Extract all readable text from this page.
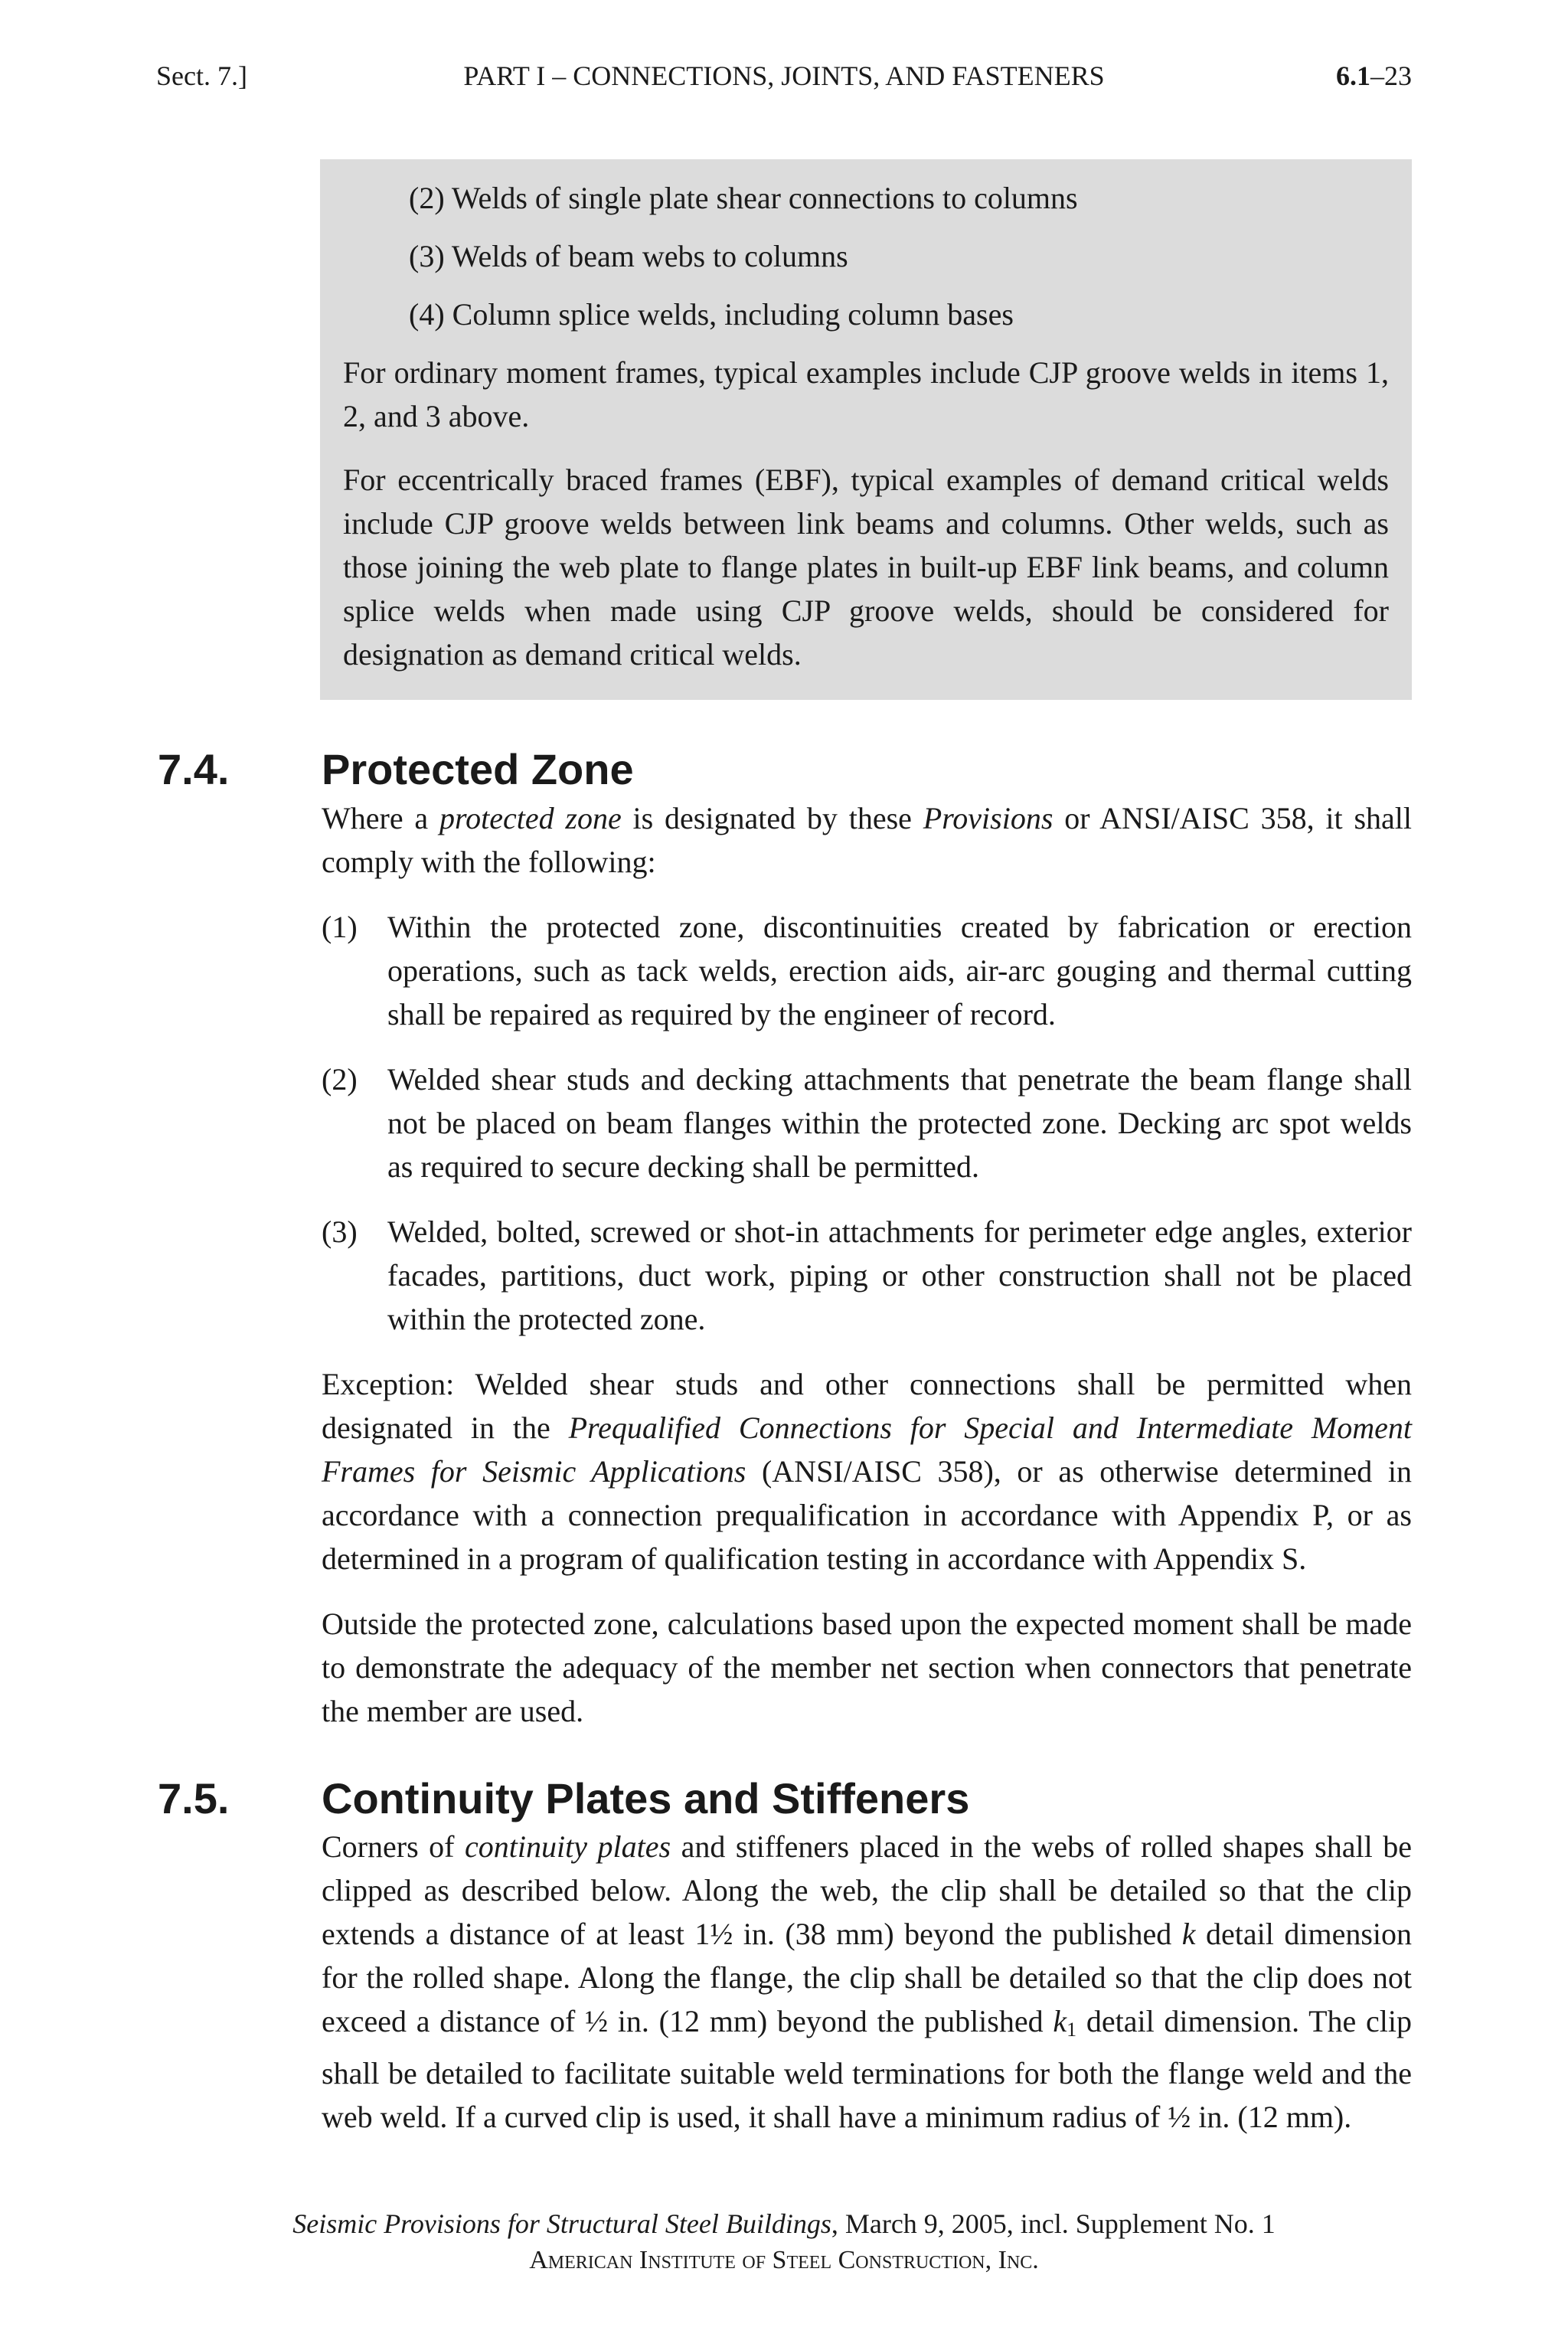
Sect. 7.]	PART I – CONNECTIONS, JOINTS, AND FASTENERS	6.1–23
(2) Welds of single plate shear connections to columns
(3) Welds of beam webs to columns
(4) Column splice welds, including column bases

For ordinary moment frames, typical examples include CJP groove welds in items 1, 2, and 3 above.

For eccentrically braced frames (EBF), typical examples of demand critical welds include CJP groove welds between link beams and columns. Other welds, such as those joining the web plate to flange plates in built-up EBF link beams, and column splice welds when made using CJP groove welds, should be considered for designation as demand critical welds.

7.4. Protected Zone

Where a protected zone is designated by these Provisions or ANSI/AISC 358, it shall comply with the following:

(1) Within the protected zone, discontinuities created by fabrication or erection operations, such as tack welds, erection aids, air-arc gouging and thermal cutting shall be repaired as required by the engineer of record.
(2) Welded shear studs and decking attachments that penetrate the beam flange shall not be placed on beam flanges within the protected zone. Decking arc spot welds as required to secure decking shall be permitted.
(3) Welded, bolted, screwed or shot-in attachments for perimeter edge angles, exterior facades, partitions, duct work, piping or other construction shall not be placed within the protected zone.

Exception: Welded shear studs and other connections shall be permitted when designated in the Prequalified Connections for Special and Intermediate Moment Frames for Seismic Applications (ANSI/AISC 358), or as otherwise determined in accordance with a connection prequalification in accordance with Appendix P, or as determined in a program of qualification testing in accordance with Appendix S.

Outside the protected zone, calculations based upon the expected moment shall be made to demonstrate the adequacy of the member net section when connectors that penetrate the member are used.

7.5. Continuity Plates and Stiffeners

Corners of continuity plates and stiffeners placed in the webs of rolled shapes shall be clipped as described below. Along the web, the clip shall be detailed so that the clip extends a distance of at least 1½ in. (38 mm) beyond the published k detail dimension for the rolled shape. Along the flange, the clip shall be detailed so that the clip does not exceed a distance of ½ in. (12 mm) beyond the published $k_1$ detail dimension. The clip shall be detailed to facilitate suitable weld terminations for both the flange weld and the web weld. If a curved clip is used, it shall have a minimum radius of ½ in. (12 mm).

Seismic Provisions for Structural Steel Buildings, March 9, 2005, incl. Supplement No. 1
American Institute of Steel Construction, Inc.
